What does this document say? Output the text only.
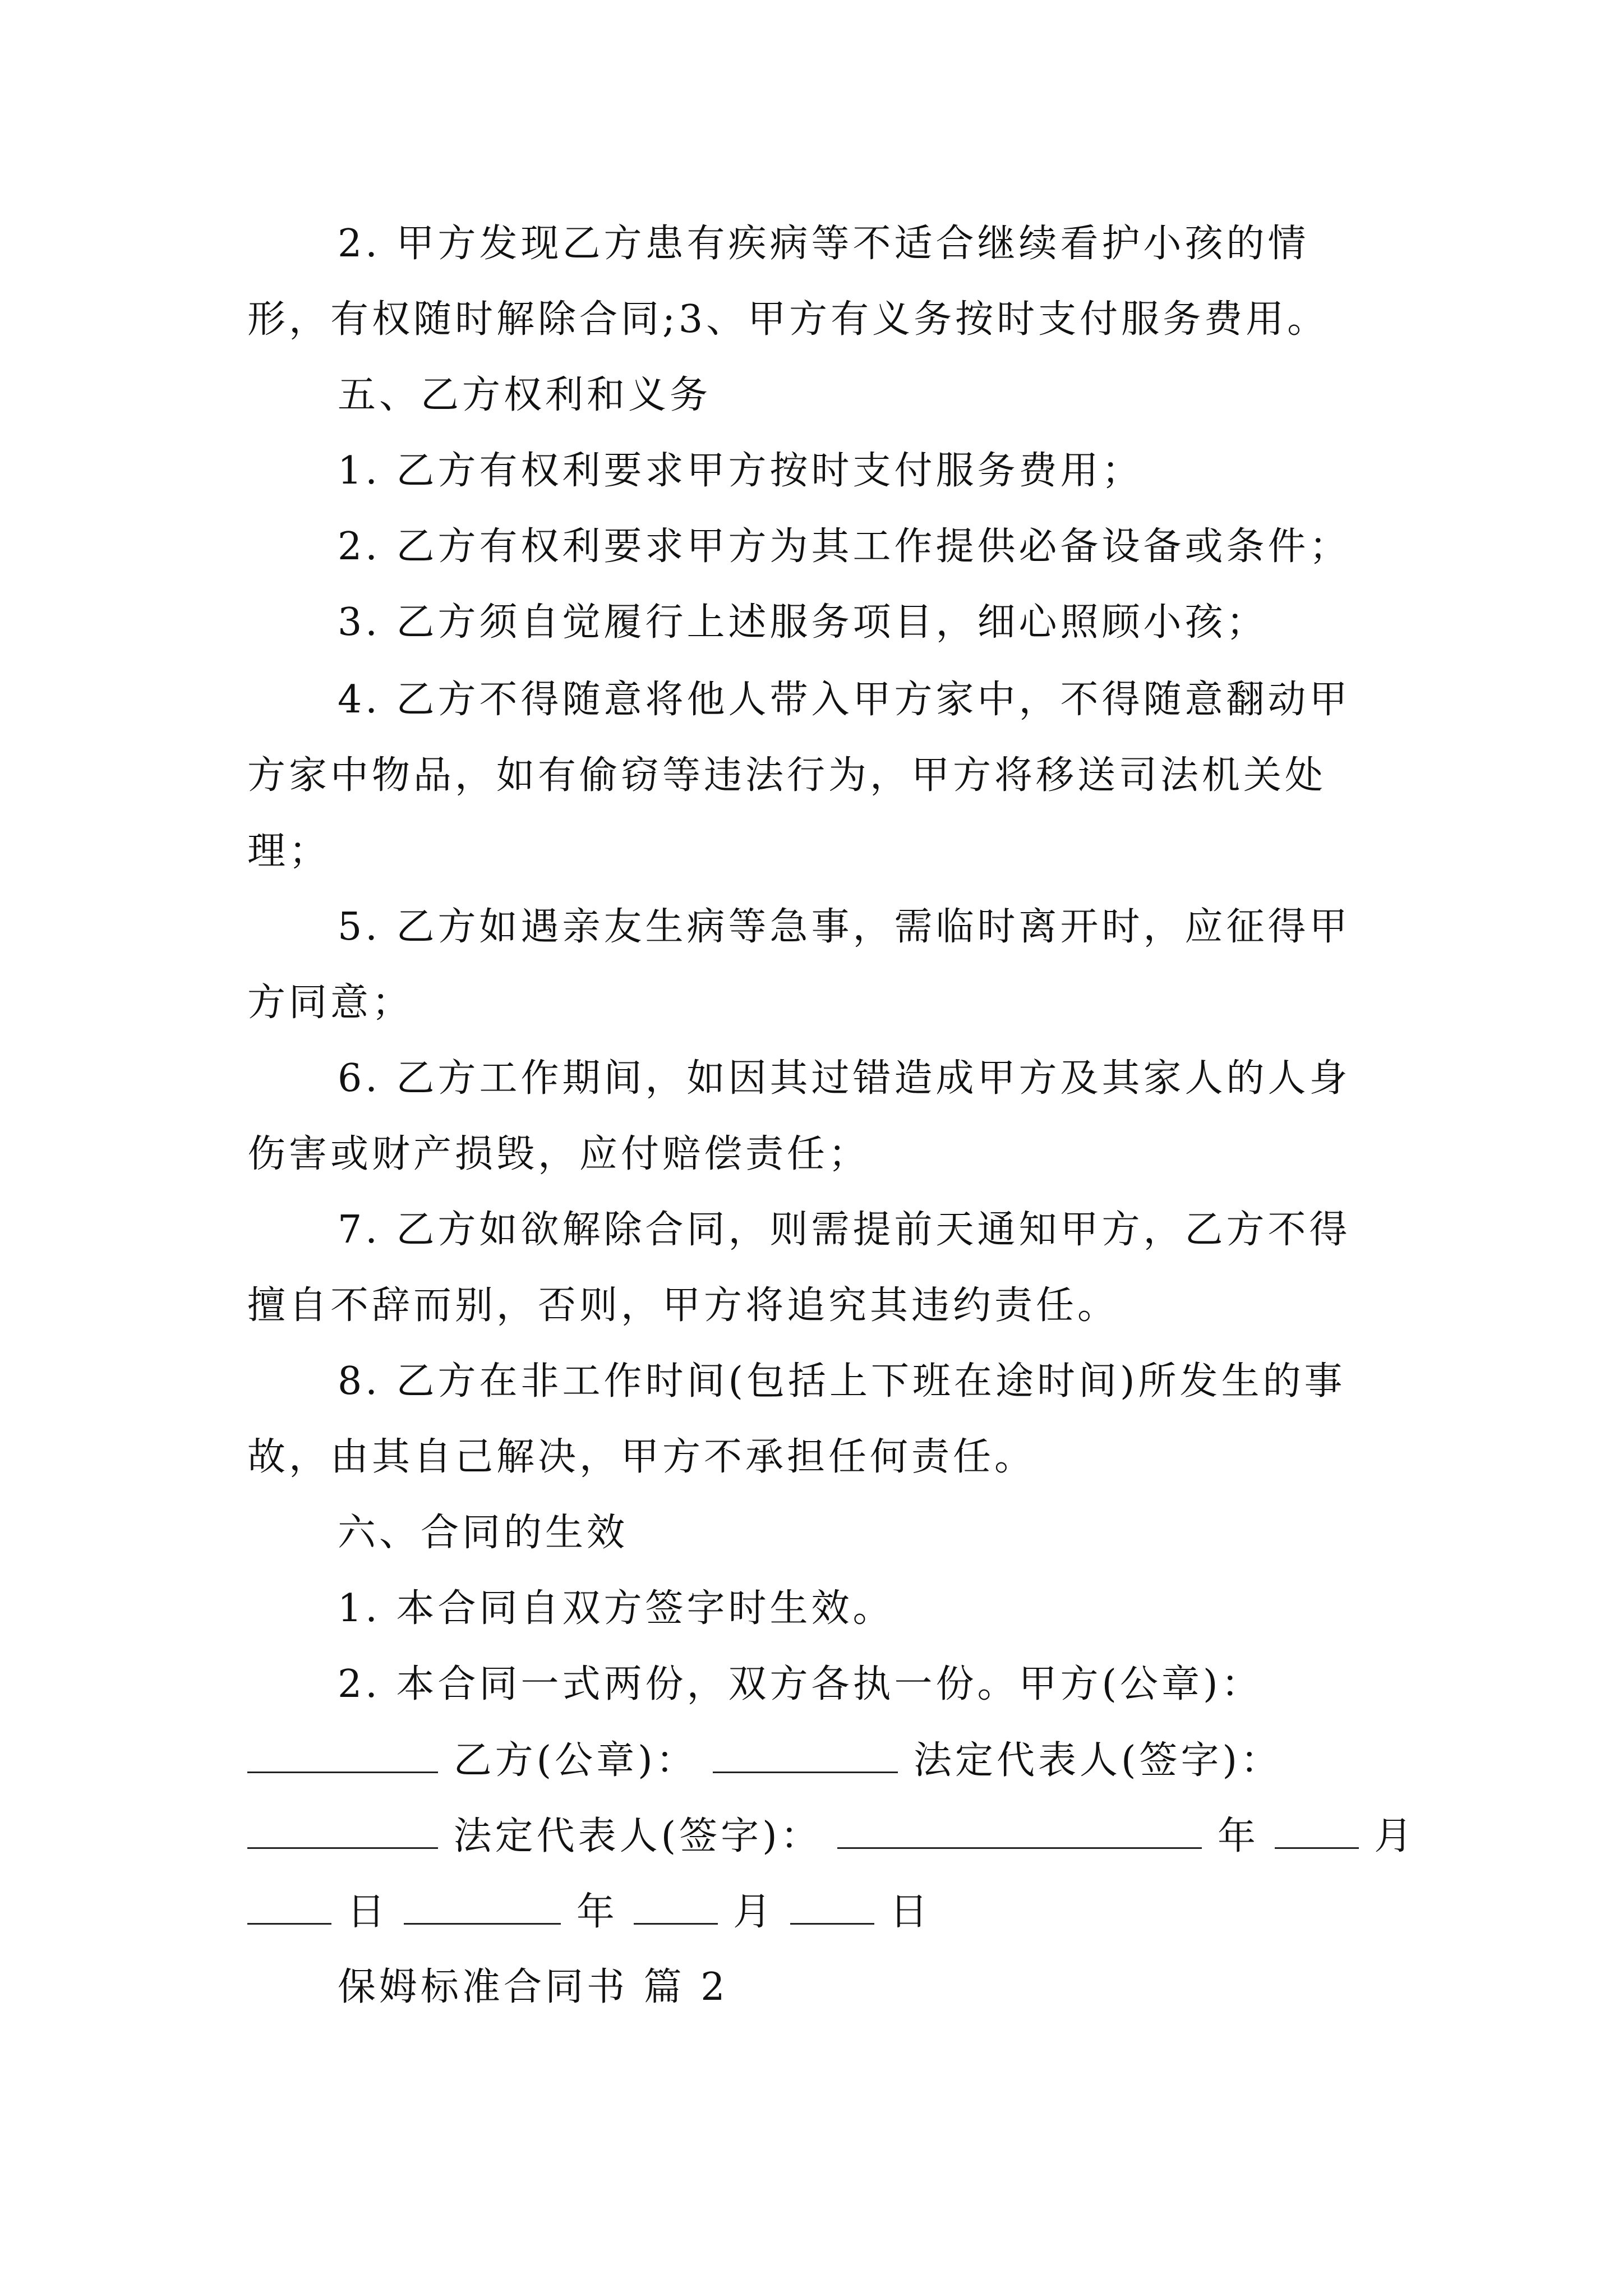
2. 甲方发现乙方患有疾病等不适合继续看护小孩的情
形，有权随时解除合同;3、甲方有义务按时支付服务费用。
五、乙方权利和义务
1. 乙方有权利要求甲方按时支付服务费用；
2. 乙方有权利要求甲方为其工作提供必备设备或条件；
3. 乙方须自觉履行上述服务项目，细心照顾小孩；
4. 乙方不得随意将他人带入甲方家中，不得随意翻动甲
方家中物品，如有偷窃等违法行为，甲方将移送司法机关处
理；
5. 乙方如遇亲友生病等急事，需临时离开时，应征得甲
方同意；
6. 乙方工作期间，如因其过错造成甲方及其家人的人身
伤害或财产损毁，应付赔偿责任；
7. 乙方如欲解除合同，则需提前天通知甲方，乙方不得
擅自不辞而别，否则，甲方将追究其违约责任。
8. 乙方在非工作时间(包括上下班在途时间)所发生的事
故，由其自己解决，甲方不承担任何责任。
六、合同的生效
1. 本合同自双方签字时生效。
2. 本合同一式两份，双方各执一份。甲方(公章)：
乙方(公章)：	法定代表人(签字)：
法定代表人(签字)：	年	月
日	年	月	日
保姆标准合同书 篇 2
